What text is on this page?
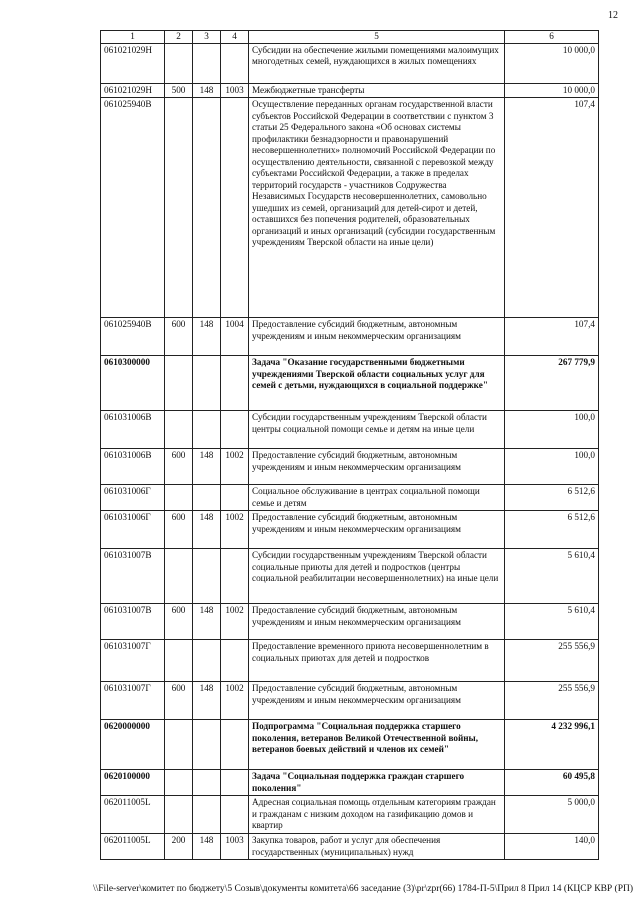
12
1	2	3	4	5	6
061021029Н				Субсидии на обеспечение жилыми помещениями малоимущих многодетных семей, нуждающихся в жилых помещениях	10 000,0
061021029Н	500	148	1003	Межбюджетные трансферты	10 000,0
061025940В				Осуществление переданных органам государственной власти субъектов Российской Федерации в соответствии с пунктом 3 статьи 25 Федерального закона «Об основах системы профилактики безнадзорности и правонарушений несовершеннолетних» полномочий Российской Федерации по осуществлению деятельности, связанной с перевозкой между субъектами Российской Федерации, а также в пределах территорий государств - участников Содружества Независимых Государств несовершеннолетних, самовольно ушедших из семей, организаций для детей-сирот и детей, оставшихся без попечения родителей, образовательных организаций и иных организаций (субсидии государственным учреждениям Тверской области на иные цели)	107,4
061025940В	600	148	1004	Предоставление субсидий бюджетным, автономным учреждениям и иным некоммерческим организациям	107,4
0610300000				Задача "Оказание государственными бюджетными учреждениями Тверской области социальных услуг для семей с детьми, нуждающихся в социальной поддержке"	267 779,9
061031006В				Субсидии государственным учреждениям Тверской области центры социальной помощи семье и детям на иные цели	100,0
061031006В	600	148	1002	Предоставление субсидий бюджетным, автономным учреждениям и иным некоммерческим организациям	100,0
061031006Г				Социальное обслуживание в центрах социальной помощи семье и детям	6 512,6
061031006Г	600	148	1002	Предоставление субсидий бюджетным, автономным учреждениям и иным некоммерческим организациям	6 512,6
061031007В				Субсидии государственным учреждениям Тверской области социальные приюты для детей и подростков (центры социальной реабилитации несовершеннолетних) на иные цели	5 610,4
061031007В	600	148	1002	Предоставление субсидий бюджетным, автономным учреждениям и иным некоммерческим организациям	5 610,4
061031007Г				Предоставление временного приюта несовершеннолетним в социальных приютах для детей и подростков	255 556,9
061031007Г	600	148	1002	Предоставление субсидий бюджетным, автономным учреждениям и иным некоммерческим организациям	255 556,9
0620000000				Подпрограмма "Социальная поддержка старшего поколения, ветеранов Великой Отечественной войны, ветеранов боевых действий и членов их семей"	4 232 996,1
0620100000				Задача "Социальная поддержка граждан старшего поколения"	60 495,8
062011005L				Адресная социальная помощь отдельным категориям граждан и гражданам с низким доходом на газификацию домов и квартир	5 000,0
062011005L	200	148	1003	Закупка товаров, работ и услуг для обеспечения государственных (муниципальных) нужд	140,0
\\File-server\комитет по бюджету\5 Созыв\документы комитета\66 заседание (3)\pr\zpr(66) 1784-П-5\Прил 8 Прил 14 (КЦСР КВР (РП)
